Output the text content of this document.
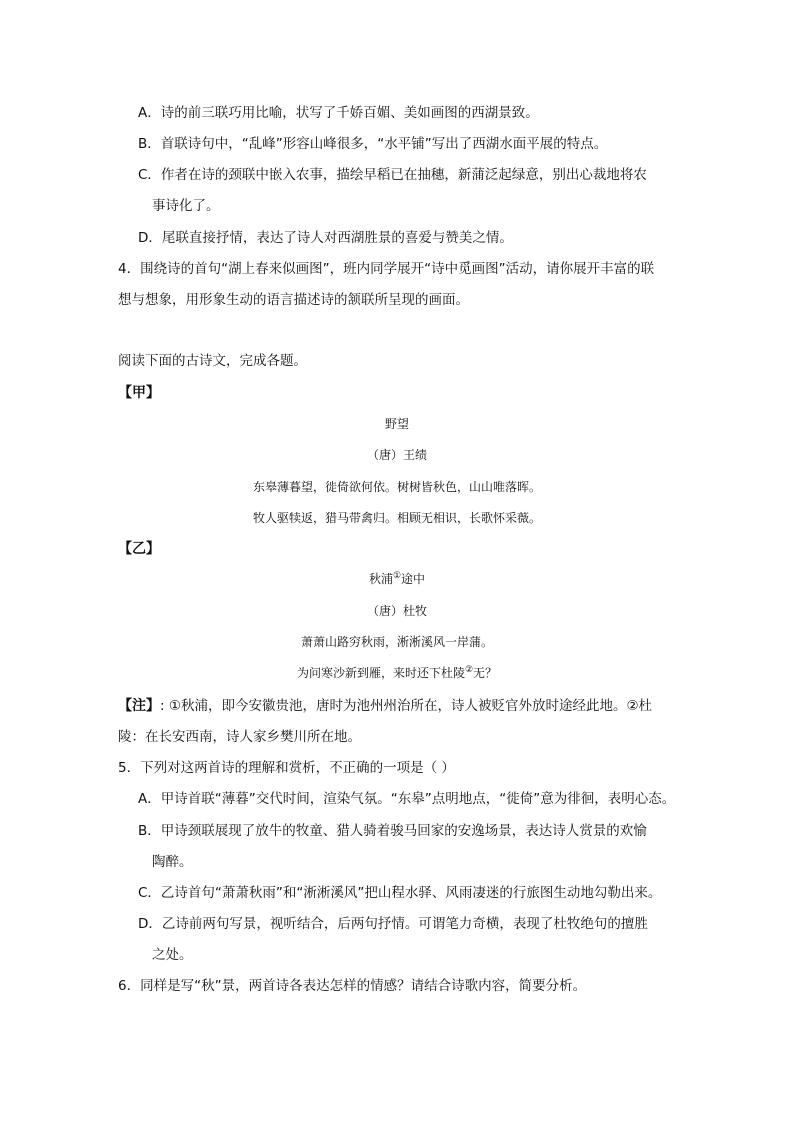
A．诗的前三联巧用比喻，状写了千娇百媚、美如画图的西湖景致。
B．首联诗句中，“乱峰”形容山峰很多，“水平铺”写出了西湖水面平展的特点。
C．作者在诗的颈联中嵌入农事，描绘早稻已在抽穗，新蒲泛起绿意，别出心裁地将农
事诗化了。
D．尾联直接抒情，表达了诗人对西湖胜景的喜爱与赞美之情。
4．围绕诗的首句“湖上春来似画图”，班内同学展开“诗中觅画图”活动，请你展开丰富的联
想与想象，用形象生动的语言描述诗的颔联所呈现的画面。
阅读下面的古诗文，完成各题。
【甲】
野望
（唐）王绩
东皋薄暮望，徙倚欲何依。树树皆秋色，山山唯落晖。
牧人驱犊返，猎马带禽归。相顾无相识，长歌怀采薇。
【乙】
秋浦①途中
（唐）杜牧
萧萧山路穷秋雨，淅淅溪风一岸蒲。
为问寒沙新到雁，来时还下杜陵②无？
【注】: ①秋浦，即今安徽贵池，唐时为池州州治所在，诗人被贬官外放时途经此地。②杜
陵：在长安西南，诗人家乡樊川所在地。
5．下列对这两首诗的理解和赏析，不正确的一项是（ ）
A．甲诗首联“薄暮”交代时间，渲染气氛。“东皋”点明地点，“徙倚”意为徘徊，表明心态。
B．甲诗颈联展现了放牛的牧童、猎人骑着骏马回家的安逸场景，表达诗人赏景的欢愉
陶醉。
C．乙诗首句“萧萧秋雨”和“淅淅溪风”把山程水驿、风雨凄迷的行旅图生动地勾勒出来。
D．乙诗前两句写景，视听结合，后两句抒情。可谓笔力奇横，表现了杜牧绝句的擅胜
之处。
6．同样是写“秋”景，两首诗各表达怎样的情感？请结合诗歌内容，简要分析。
